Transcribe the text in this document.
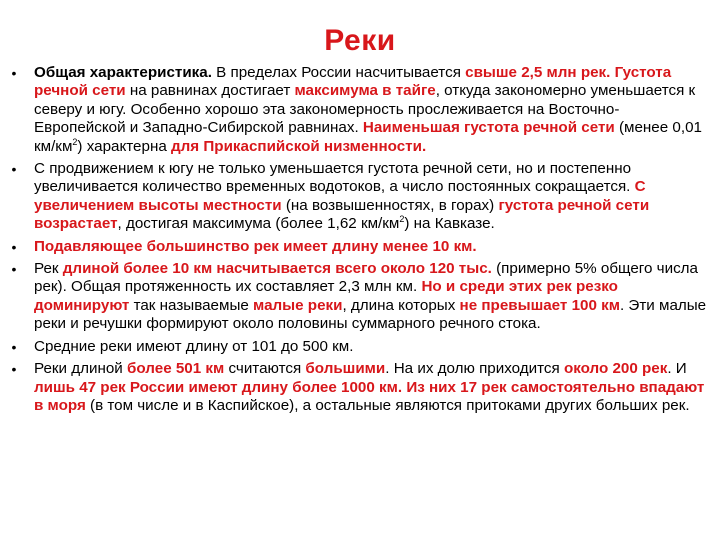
Реки
• Общая характеристика. В пределах России насчитывается свыше 2,5 млн рек. Густота речной сети на равнинах достигает максимума в тайге, откуда закономерно уменьшается к северу и югу. Особенно хорошо эта закономерность прослеживается на Восточно-Европейской и Западно-Сибирской равнинах. Наименьшая густота речной сети (менее 0,01 $км/км^2$) характерна для Прикаспийской низменности.
• С продвижением к югу не только уменьшается густота речной сети, но и постепенно увеличивается количество временных водотоков, а число постоянных сокращается. С увеличением высоты местности (на возвышенностях, в горах) густота речной сети возрастает, достигая максимума (более 1,62 $км/км^2$) на Кавказе.
• Подавляющее большинство рек имеет длину менее 10 км.
• Рек длиной более 10 км насчитывается всего около 120 тыс. (примерно 5% общего числа рек). Общая протяженность их составляет 2,3 млн км. Но и среди этих рек резко доминируют так называемые малые реки, длина которых не превышает 100 км. Эти малые реки и речушки формируют около половины суммарного речного стока.
• Средние реки имеют длину от 101 до 500 км.
• Реки длиной более 501 км считаются большими. На их долю приходится около 200 рек. И лишь 47 рек России имеют длину более 1000 км. Из них 17 рек самостоятельно впадают в моря (в том числе и в Каспийское), а остальные являются притоками других больших рек.
